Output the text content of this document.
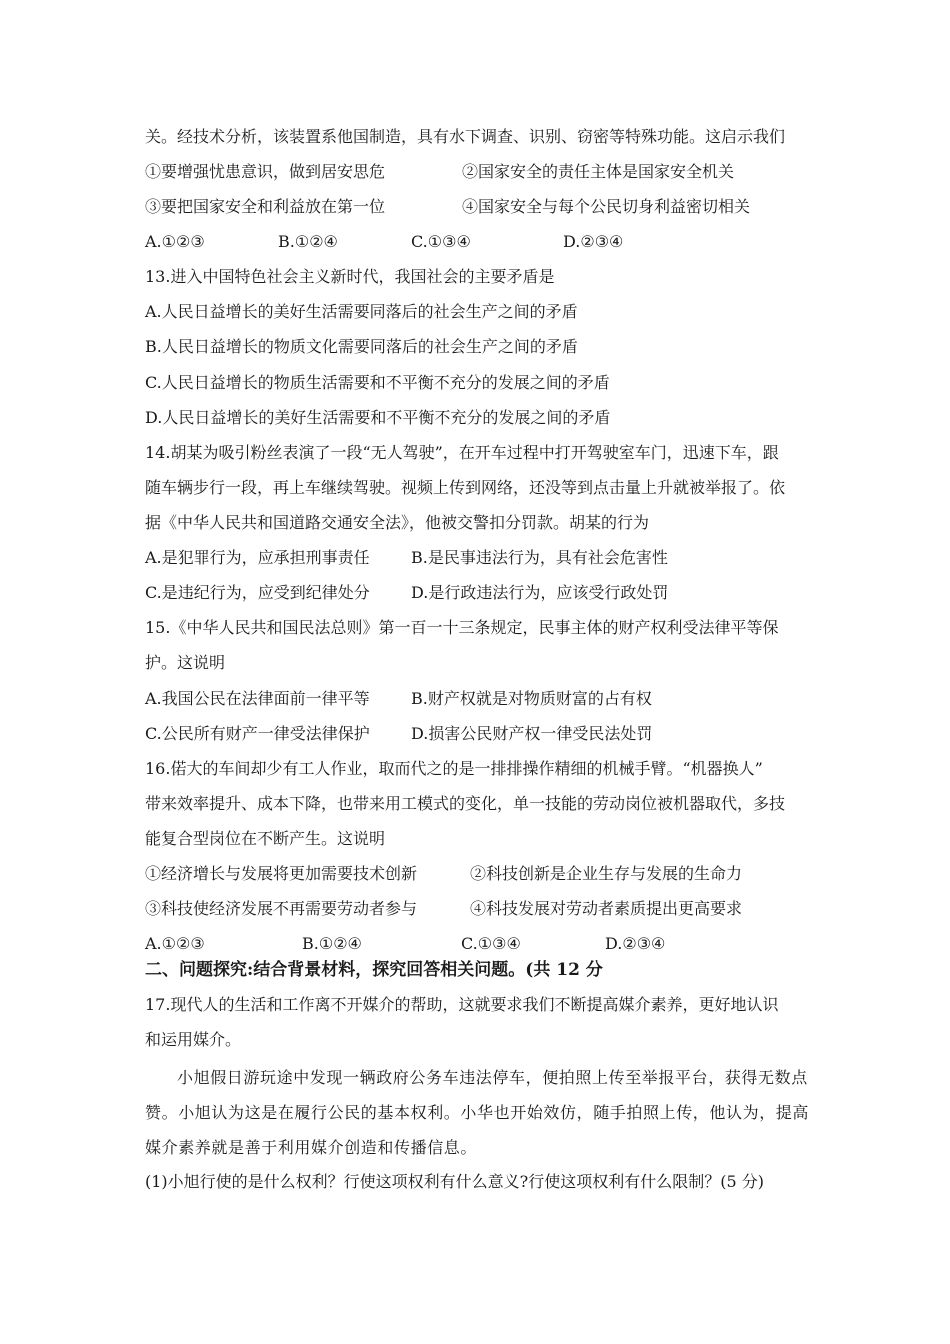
关。经技术分析，该装置系他国制造，具有水下调查、识别、窃密等特殊功能。这启示我们
①要增强忧患意识，做到居安思危	②国家安全的责任主体是国家安全机关
③要把国家安全和利益放在第一位	④国家安全与每个公民切身利益密切相关
A.①②③	B.①②④	C.①③④	D.②③④
13.进入中国特色社会主义新时代，我国社会的主要矛盾是
A.人民日益增长的美好生活需要同落后的社会生产之间的矛盾
B.人民日益增长的物质文化需要同落后的社会生产之间的矛盾
C.人民日益增长的物质生活需要和不平衡不充分的发展之间的矛盾
D.人民日益增长的美好生活需要和不平衡不充分的发展之间的矛盾
14.胡某为吸引粉丝表演了一段“无人驾驶”，在开车过程中打开驾驶室车门，迅速下车，跟
随车辆步行一段，再上车继续驾驶。视频上传到网络，还没等到点击量上升就被举报了。依
据《中华人民共和国道路交通安全法》，他被交警扣分罚款。胡某的行为
A.是犯罪行为，应承担刑事责任	B.是民事违法行为，具有社会危害性
C.是违纪行为，应受到纪律处分	D.是行政违法行为，应该受行政处罚
15.《中华人民共和国民法总则》第一百一十三条规定，民事主体的财产权利受法律平等保
护。这说明
A.我国公民在法律面前一律平等	B.财产权就是对物质财富的占有权
C.公民所有财产一律受法律保护	D.损害公民财产权一律受民法处罚
16.偌大的车间却少有工人作业，取而代之的是一排排操作精细的机械手臂。“机器换人”
带来效率提升、成本下降，也带来用工模式的变化，单一技能的劳动岗位被机器取代，多技
能复合型岗位在不断产生。这说明
①经济增长与发展将更加需要技术创新	②科技创新是企业生存与发展的生命力
③科技使经济发展不再需要劳动者参与	④科技发展对劳动者素质提出更高要求
A.①②③	B.①②④	C.①③④	D.②③④
二、问题探究:结合背景材料，探究回答相关问题。(共 12 分
17.现代人的生活和工作离不开媒介的帮助，这就要求我们不断提高媒介素养，更好地认识
和运用媒介。
小旭假日游玩途中发现一辆政府公务车违法停车，便拍照上传至举报平台，获得无数点
赞。小旭认为这是在履行公民的基本权利。小华也开始效仿，随手拍照上传，他认为，提高
媒介素养就是善于利用媒介创造和传播信息。
(1)小旭行使的是什么权利？行使这项权利有什么意义?行使这项权利有什么限制？(5 分)
